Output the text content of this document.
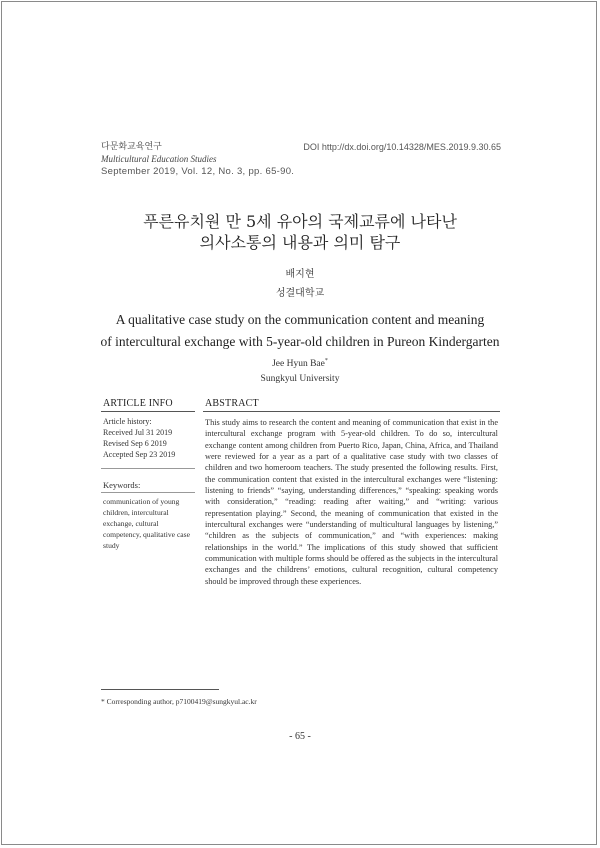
다문화교육연구	DOI http://dx.doi.org/10.14328/MES.2019.9.30.65
Multicultural Education Studies
September 2019, Vol. 12, No. 3, pp. 65-90.
푸른유치원 만 5세 유아의 국제교류에 나타난
의사소통의 내용과 의미 탐구
배지현
성결대학교
A qualitative case study on the communication content and meaning
of intercultural exchange with 5-year-old children in Pureon Kindergarten
Jee Hyun Bae*
Sungkyul University
ARTICLE INFO	ABSTRACT
Article history:
Received Jul 31 2019
Revised Sep 6 2019
Accepted Sep 23 2019
Keywords:
communication of young
children, intercultural
exchange, cultural
competency, qualitative case
study
This study aims to research the content and meaning of communication that exist in the intercultural exchange program with 5-year-old children. To do so, intercultural exchange content among children from Puerto Rico, Japan, China, Africa, and Thailand were reviewed for a year as a part of a qualitative case study with two classes of children and two homeroom teachers. The study presented the following results. First, the communication content that existed in the intercultural exchanges were “listening: listening to friends” “saying, understanding differences,” “speaking: speaking words with consideration,” “reading: reading after waiting,” and “writing: various representation playing.” Second, the meaning of communication that existed in the intercultural exchanges were “understanding of multicultural languages by listening,” “children as the subjects of communication,” and “with experiences: making relationships in the world.” The implications of this study showed that sufficient communication with multiple forms should be offered as the subjects in the intercultural exchanges and the childrens’ emotions, cultural recognition, cultural competency should be improved through these experiences.
* Corresponding author, p7100419@sungkyul.ac.kr
- 65 -
